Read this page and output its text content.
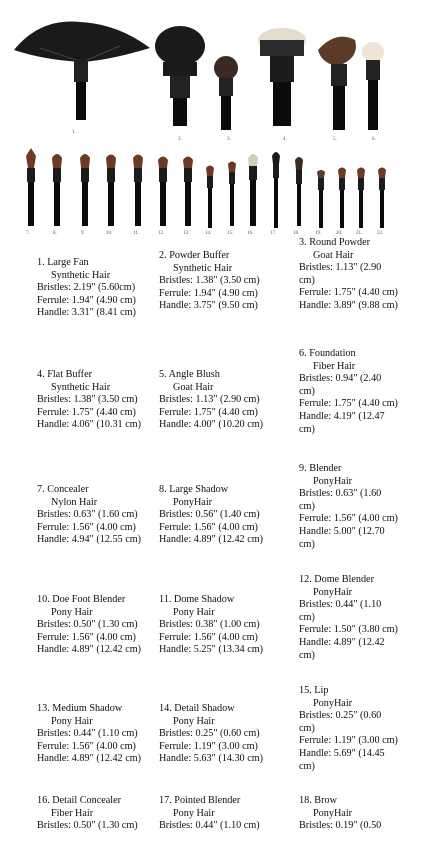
1.
2.	3.	4.	5.	6.
7.	8.	9.	10.	11.	12.	13.	14.	15.	16.	17.	18.	19.	20.	21.	22.
1. Large Fan
Synthetic Hair
Bristles: 2.19" (5.60cm)
Ferrule: 1.94" (4.90 cm)
Handle: 3.31" (8.41 cm)
4. Flat Buffer
Synthetic Hair
Bristles: 1.38" (3.50 cm)
Ferrule: 1.75" (4.40 cm)
Handle: 4.06" (10.31 cm)
7. Concealer
Nylon Hair
Bristles: 0.63" (1.60 cm)
Ferrule: 1.56" (4.00 cm)
Handle: 4.94" (12.55 cm)
10. Doe Foot Blender
Pony Hair
Bristles: 0.50" (1.30 cm)
Ferrule: 1.56" (4.00 cm)
Handle: 4.89" (12.42 cm)
13. Medium Shadow
Pony Hair
Bristles: 0.44" (1.10 cm)
Ferrule: 1.56" (4.00 cm)
Handle: 4.89" (12.42 cm)
16. Detail Concealer
Fiber Hair
Bristles: 0.50" (1.30 cm)
2. Powder Buffer
Synthetic Hair
Bristles: 1.38" (3.50 cm)
Ferrule: 1.94" (4.90 cm)
Handle: 3.75" (9.50 cm)
5. Angle Blush
Goat Hair
Bristles: 1.13" (2.90 cm)
Ferrule: 1.75" (4.40 cm)
Handle: 4.00" (10.20 cm)
8. Large Shadow
PonyHair
Bristles: 0.56" (1.40 cm)
Ferrule: 1.56" (4.00 cm)
Handle: 4.89" (12.42 cm)
11. Dome Shadow
Pony Hair
Bristles: 0.38" (1.00 cm)
Ferrule: 1.56" (4.00 cm)
Handle: 5.25" (13.34 cm)
14. Detail Shadow
Pony Hair
Bristles: 0.25" (0.60 cm)
Ferrule: 1.19" (3.00 cm)
Handle: 5.63" (14.30 cm)
17. Pointed Blender
Pony Hair
Bristles: 0.44" (1.10 cm)
3. Round Powder
Goat Hair
Bristles: 1.13" (2.90 cm)
Ferrule: 1.75" (4.40 cm)
Handle: 3.89" (9.88 cm)
6. Foundation
Fiber Hair
Bristles: 0.94" (2.40 cm)
Ferrule: 1.75" (4.40 cm)
Handle: 4.19" (12.47 cm)
9. Blender
PonyHair
Bristles: 0.63" (1.60 cm)
Ferrule: 1.56" (4.00 cm)
Handle: 5.00" (12.70 cm)
12. Dome Blender
PonyHair
Bristles: 0.44" (1.10 cm)
Ferrule: 1.50" (3.80 cm)
Handle: 4.89" (12.42 cm)
15. Lip
PonyHair
Bristles: 0.25" (0.60 cm)
Ferrule: 1.19" (3.00 cm)
Handle: 5.69" (14.45 cm)
18. Brow
PonyHair
Bristles: 0.19" (0.50
